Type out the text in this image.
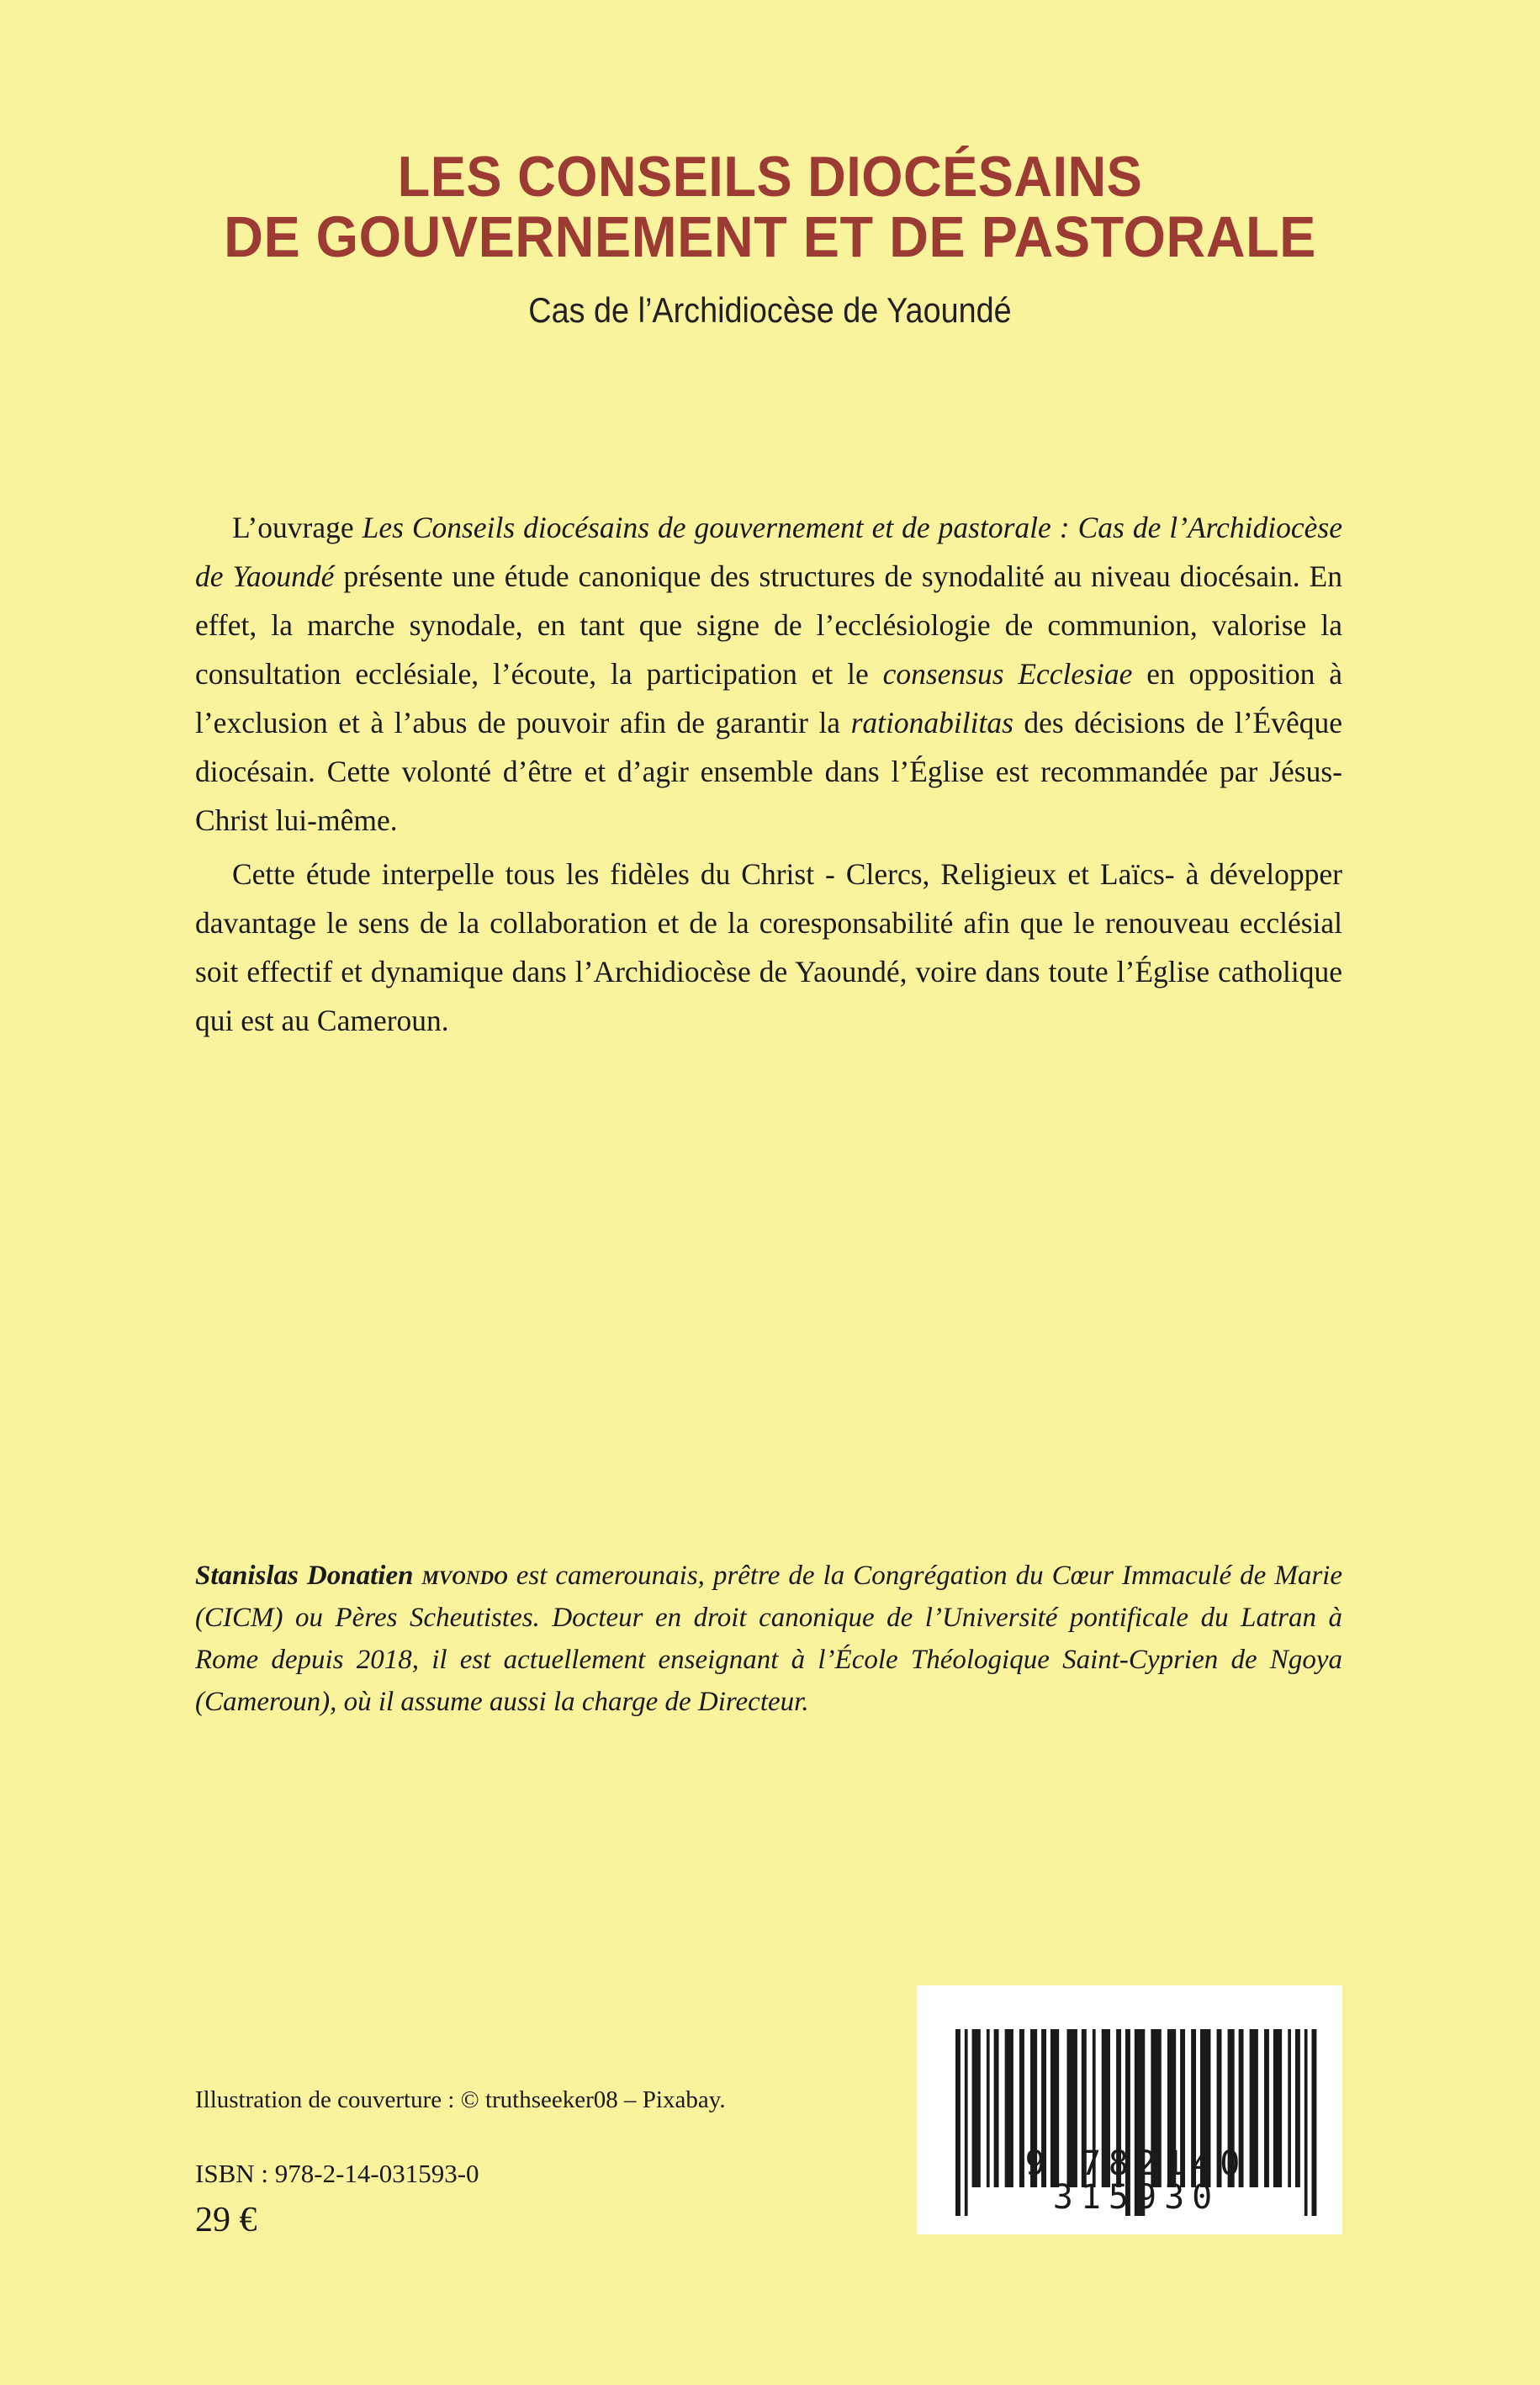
LES CONSEILS DIOCÉSAINS
DE GOUVERNEMENT ET DE PASTORALE
Cas de l’Archidiocèse de Yaoundé

L’ouvrage Les Conseils diocésains de gouvernement et de pastorale : Cas de l’Archidiocèse de Yaoundé présente une étude canonique des structures de synodalité au niveau diocésain. En effet, la marche synodale, en tant que signe de l’ecclésiologie de communion, valorise la consultation ecclésiale, l’écoute, la participation et le consensus Ecclesiae en opposition à l’exclusion et à l’abus de pouvoir afin de garantir la rationabilitas des décisions de l’Évêque diocésain. Cette volonté d’être et d’agir ensemble dans l’Église est recommandée par Jésus-Christ lui-même.

Cette étude interpelle tous les fidèles du Christ - Clercs, Religieux et Laïcs- à développer davantage le sens de la collaboration et de la coresponsabilité afin que le renouveau ecclésial soit effectif et dynamique dans l’Archidiocèse de Yaoundé, voire dans toute l’Église catholique qui est au Cameroun.

Stanislas Donatien mvondo est camerounais, prêtre de la Congrégation du Cœur Immaculé de Marie (CICM) ou Pères Scheutistes. Docteur en droit canonique de l’Université pontificale du Latran à Rome depuis 2018, il est actuellement enseignant à l’École Théologique Saint-Cyprien de Ngoya (Cameroun), où il assume aussi la charge de Directeur.

Illustration de couverture : © truthseeker08 – Pixabay.
ISBN : 978-2-14-031593-0
29 €
9 782140 315930
